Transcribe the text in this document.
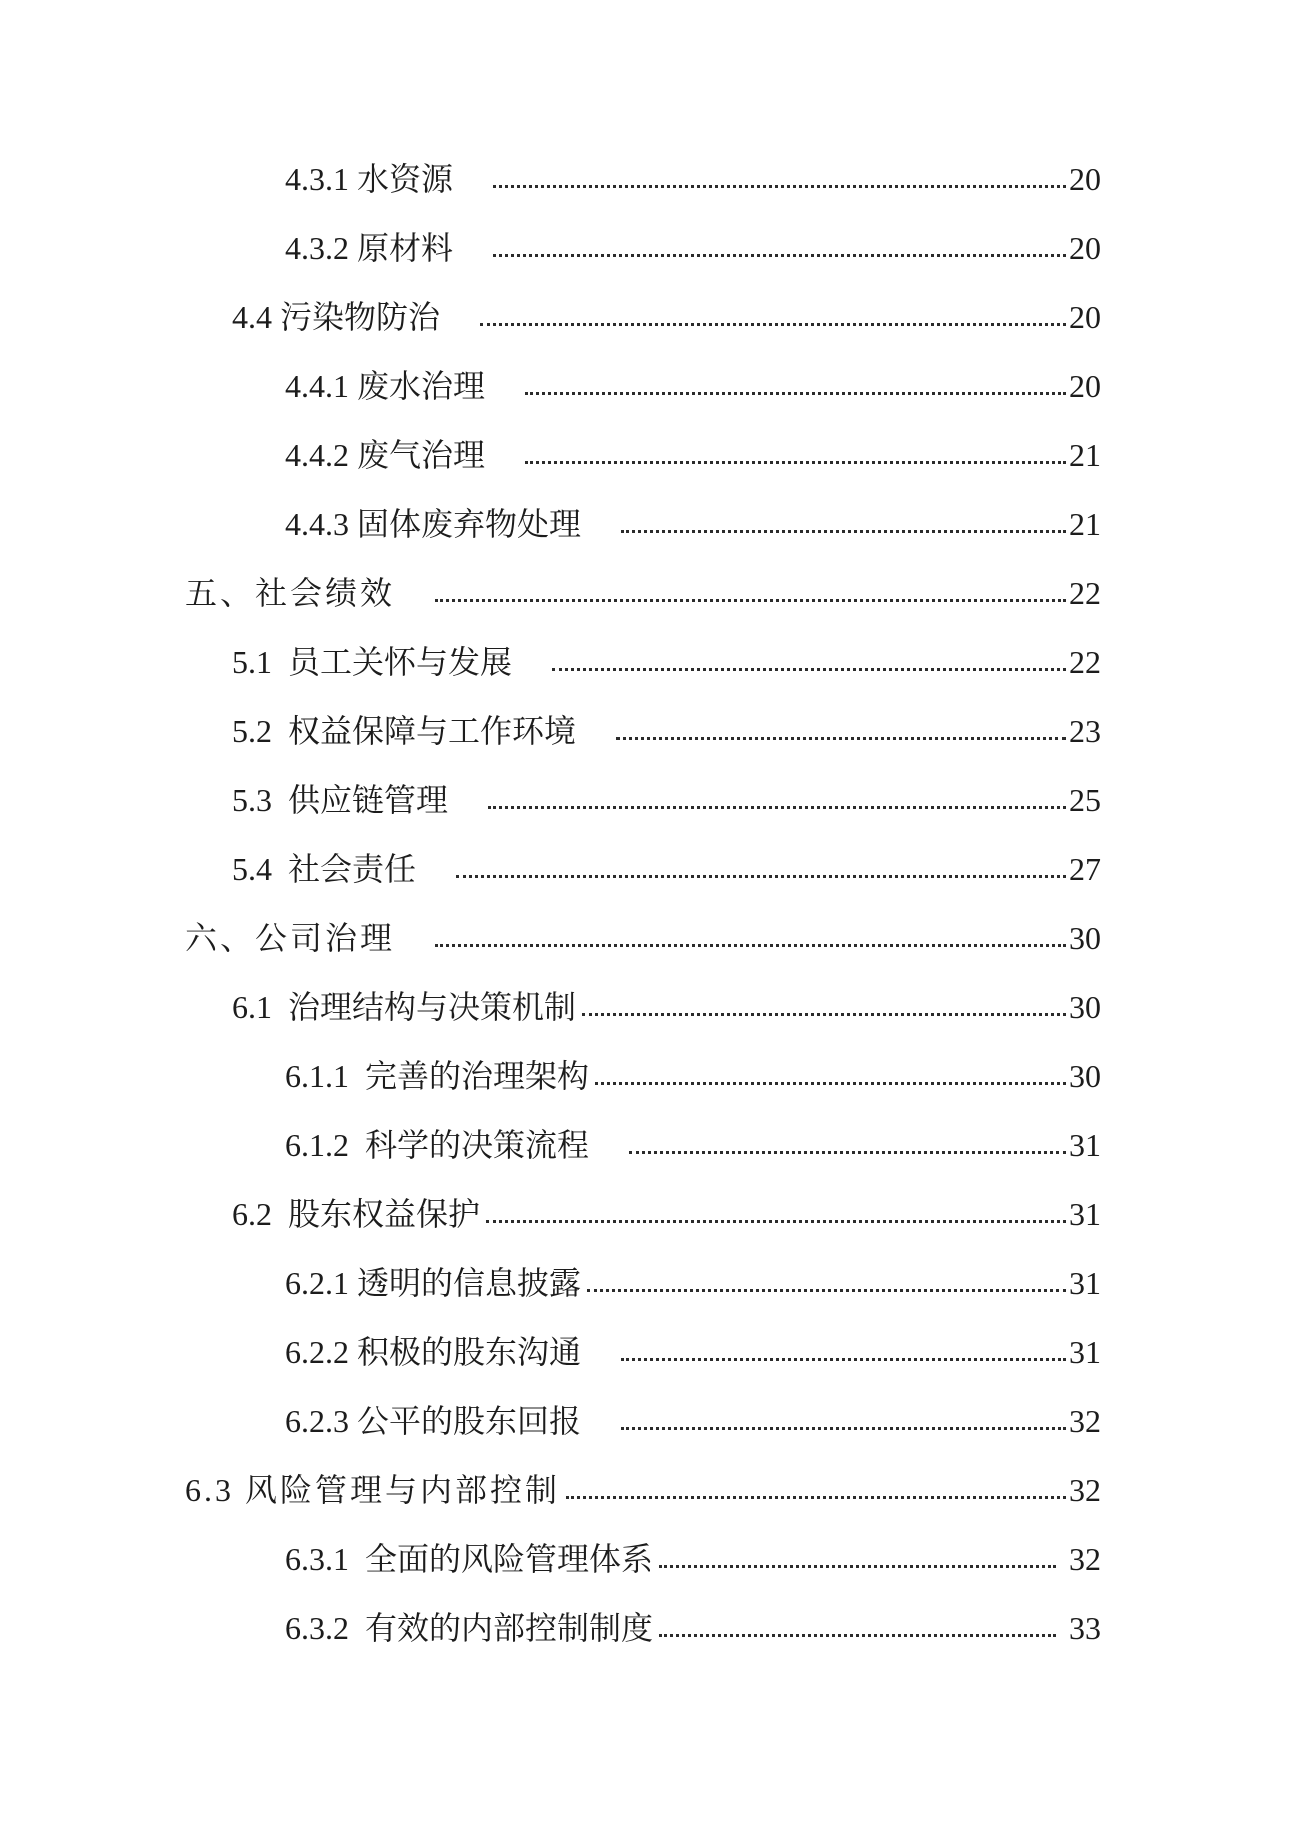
4.3.1 水资源	20
4.3.2 原材料	20
4.4 污染物防治	20
4.4.1 废水治理	20
4.4.2 废气治理	21
4.4.3 固体废弃物处理	21
五、社会绩效	22
5.1  员工关怀与发展	22
5.2  权益保障与工作环境	23
5.3  供应链管理	25
5.4  社会责任	27
六、公司治理	30
6.1  治理结构与决策机制	30
6.1.1  完善的治理架构	30
6.1.2  科学的决策流程	31
6.2  股东权益保护	31
6.2.1 透明的信息披露	31
6.2.2 积极的股东沟通	31
6.2.3 公平的股东回报	32
6.3 风险管理与内部控制	32
6.3.1  全面的风险管理体系	32
6.3.2  有效的内部控制制度	33
